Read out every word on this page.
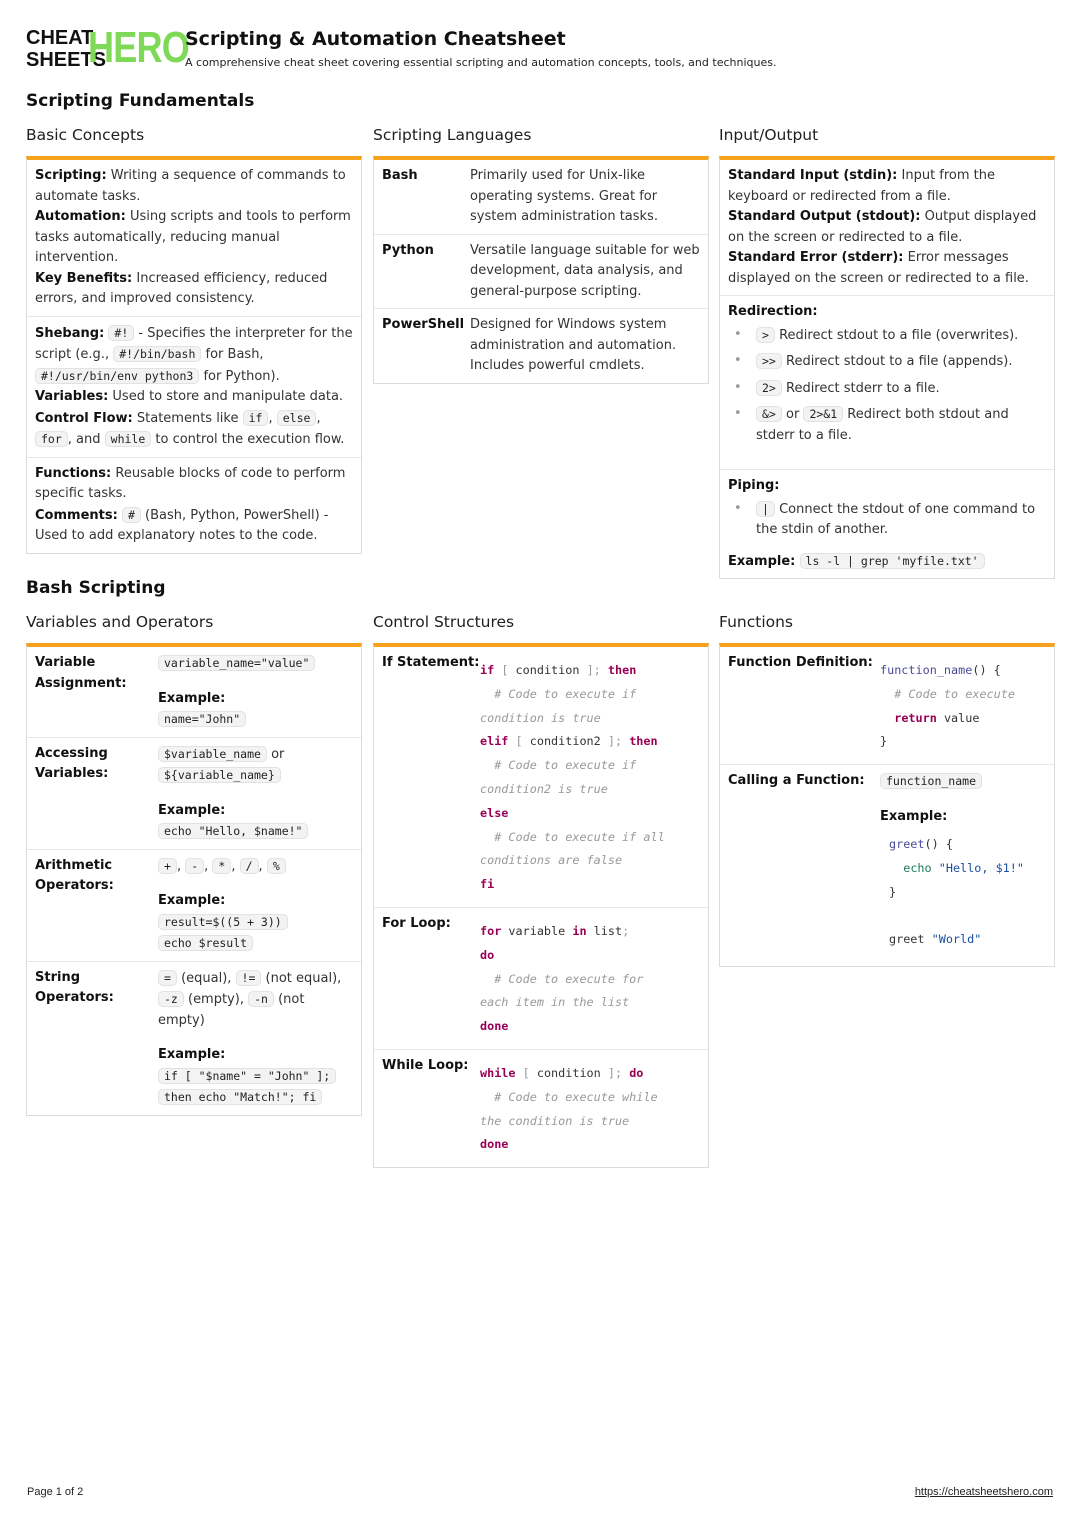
CHEAT
SHEETS
HERO
Scripting & Automation Cheatsheet
A comprehensive cheat sheet covering essential scripting and automation concepts, tools, and techniques.
Scripting Fundamentals
Basic Concepts	Scripting Languages	Input/Output
Scripting: Writing a sequence of commands to automate tasks.
Automation: Using scripts and tools to perform tasks automatically, reducing manual intervention.
Key Benefits: Increased efficiency, reduced errors, and improved consistency.
Shebang: #! - Specifies the interpreter for the script (e.g., #!/bin/bash for Bash, #!/usr/bin/env python3 for Python).
Variables: Used to store and manipulate data.
Control Flow: Statements like if , else , for , and while to control the execution flow.
Functions: Reusable blocks of code to perform specific tasks.
Comments: # (Bash, Python, PowerShell) - Used to add explanatory notes to the code.
Bash	Primarily used for Unix-like operating systems. Great for system administration tasks.
Python	Versatile language suitable for web development, data analysis, and general-purpose scripting.
PowerShell Designed for Windows system administration and automation. Includes powerful cmdlets.
Standard Input (stdin): Input from the keyboard or redirected from a file.
Standard Output (stdout): Output displayed on the screen or redirected to a file.
Standard Error (stderr): Error messages displayed on the screen or redirected to a file.
Redirection:
• > Redirect stdout to a file (overwrites).
• >> Redirect stdout to a file (appends).
• 2> Redirect stderr to a file.
• &> or 2>&1 Redirect both stdout and stderr to a file.
Piping:
• | Connect the stdout of one command to the stdin of another.
Example: ls -l | grep 'myfile.txt'
Bash Scripting
Variables and Operators	Control Structures	Functions
Variable Assignment:
variable_name="value"
Example:
name="John"
Accessing Variables:
$variable_name or
${variable_name}
Example:
echo "Hello, $name!"
Arithmetic Operators:
+ , - , * , / , %
Example:
result=$((5 + 3))
echo $result
String Operators:
= (equal), != (not equal), -z (empty), -n (not empty)
Example:
if [ "$name" = "John" ];
then echo "Match!"; fi
If Statement: if [ condition ]; then
# Code to execute if
condition is true
elif [ condition2 ]; then
# Code to execute if
condition2 is true
else
# Code to execute if all
conditions are false
fi
For Loop:	for variable in list;
do
# Code to execute for
each item in the list
done
While Loop: while [ condition ]; do
# Code to execute while
the condition is true
done
Function Definition: function_name() {
# Code to execute
return value
}
Calling a Function:	function_name
Example:
greet() {
echo "Hello, $1!"
}

greet "World"
Page 1 of 2	https://cheatsheetshero.com
